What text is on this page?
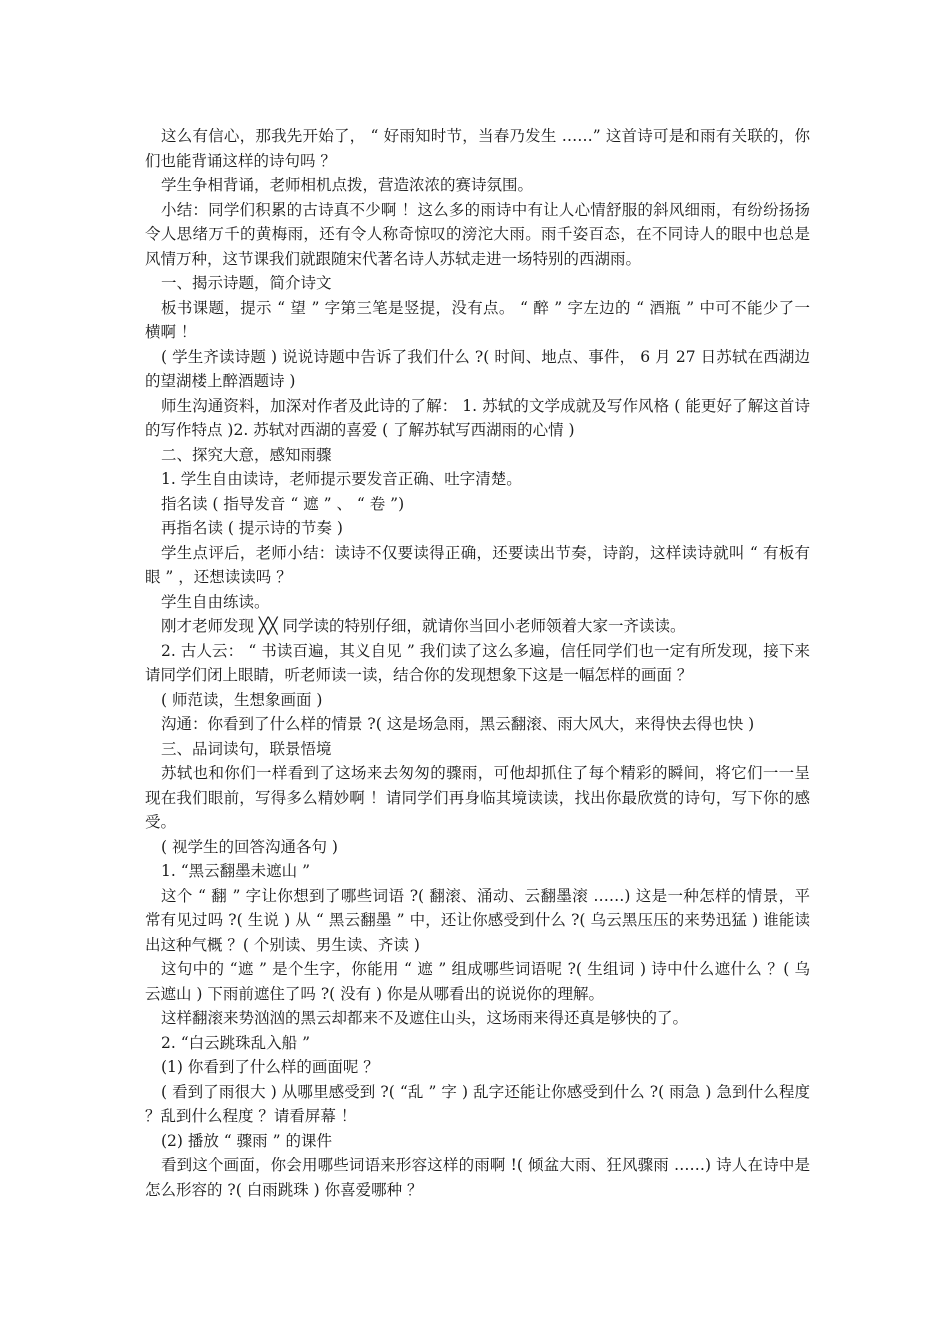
这么有信心，那我先开始了， “ 好雨知时节，当春乃发生 ……” 这首诗可是和雨有关联的，你们也能背诵这样的诗句吗 ？

学生争相背诵，老师相机点拨，营造浓浓的赛诗氛围。

小结：同学们积累的古诗真不少啊 ！这么多的雨诗中有让人心情舒服的斜风细雨，有纷纷扬扬令人思绪万千的黄梅雨，还有令人称奇惊叹的滂沱大雨。雨千姿百态，在不同诗人的眼中也总是风情万种，这节课我们就跟随宋代著名诗人苏轼走进一场特别的西湖雨。

一、揭示诗题，简介诗文

板书课题，提示 “ 望 ” 字第三笔是竖提，没有点。 “ 醉 ” 字左边的 “ 酒瓶 ” 中可不能少了一横啊 ！

( 学生齐读诗题 ) 说说诗题中告诉了我们什么 ?( 时间、地点、事件， 6 月 27 日苏轼在西湖边的望湖楼上醉酒题诗 )

师生沟通资料，加深对作者及此诗的了解： 1. 苏轼的文学成就及写作风格 ( 能更好了解这首诗的写作特点 )2. 苏轼对西湖的喜爱 ( 了解苏轼写西湖雨的心情 )

二、探究大意，感知雨骤

1. 学生自由读诗，老师提示要发音正确、吐字清楚。

指名读 ( 指导发音 “ 遮 ” 、 “ 卷 ”)

再指名读 ( 提示诗的节奏 )

学生点评后，老师小结：读诗不仅要读得正确，还要读出节奏，诗韵，这样读诗就叫 “ 有板有眼 ” ，还想读读吗 ？

学生自由练读。

刚才老师发现 ╳╳ 同学读的特别仔细，就请你当回小老师领着大家一齐读读。

2. 古人云： “ 书读百遍，其义自见 ” 我们读了这么多遍，信任同学们也一定有所发现，接下来请同学们闭上眼睛，听老师读一读，结合你的发现想象下这是一幅怎样的画面 ？

( 师范读，生想象画面 )

沟通：你看到了什么样的情景 ?( 这是场急雨，黑云翻滚、雨大风大，来得快去得也快 )

三、品词读句，联景悟境

苏轼也和你们一样看到了这场来去匆匆的骤雨，可他却抓住了每个精彩的瞬间，将它们一一呈现在我们眼前，写得多么精妙啊 ！请同学们再身临其境读读，找出你最欣赏的诗句，写下你的感受。

( 视学生的回答沟通各句 )

1. “黑云翻墨未遮山 ”

这个 “ 翻 ” 字让你想到了哪些词语 ?( 翻滚、涌动、云翻墨滚 ……) 这是一种怎样的情景，平常有见过吗 ?( 生说 ) 从 “ 黑云翻墨 ” 中，还让你感受到什么 ?( 乌云黑压压的来势迅猛 ) 谁能读出这种气概 ？( 个别读、男生读、齐读 )

这句中的 “遮 ” 是个生字，你能用 “ 遮 ” 组成哪些词语呢 ?( 生组词 ) 诗中什么遮什么 ？( 乌云遮山 ) 下雨前遮住了吗 ?( 没有 ) 你是从哪看出的说说你的理解。

这样翻滚来势汹汹的黑云却都来不及遮住山头，这场雨来得还真是够快的了。

2. “白云跳珠乱入船 ”

(1) 你看到了什么样的画面呢 ？

( 看到了雨很大 ) 从哪里感受到 ?( “乱 ” 字 ) 乱字还能让你感受到什么 ?( 雨急 ) 急到什么程度 ？乱到什么程度 ？请看屏幕 ！

(2) 播放 “ 骤雨 ” 的课件

看到这个画面，你会用哪些词语来形容这样的雨啊 !( 倾盆大雨、狂风骤雨 ……) 诗人在诗中是怎么形容的 ?( 白雨跳珠 ) 你喜爱哪种 ？
